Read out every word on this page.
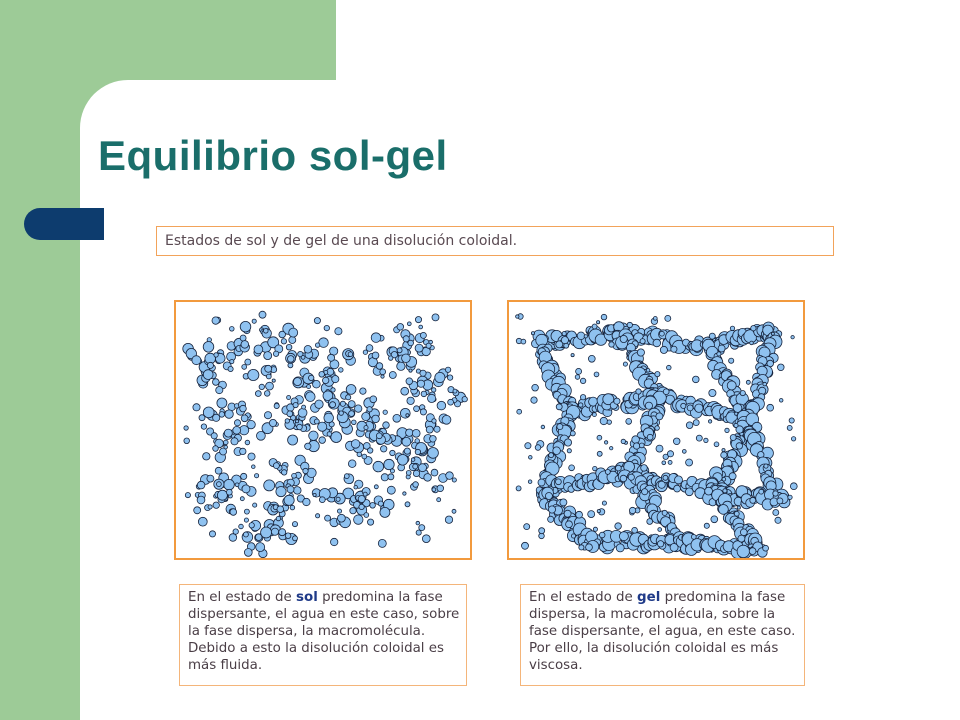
Equilibrio sol-gel
Estados de sol y de gel de una disolución coloidal.
En el estado de sol predomina la fase dispersante, el agua en este caso, sobre la fase dispersa, la macromolécula. Debido a esto la disolución coloidal es más fluida.
En el estado de gel predomina la fase dispersa, la macromolécula, sobre la fase dispersante, el agua, en este caso. Por ello, la disolución coloidal es más viscosa.
